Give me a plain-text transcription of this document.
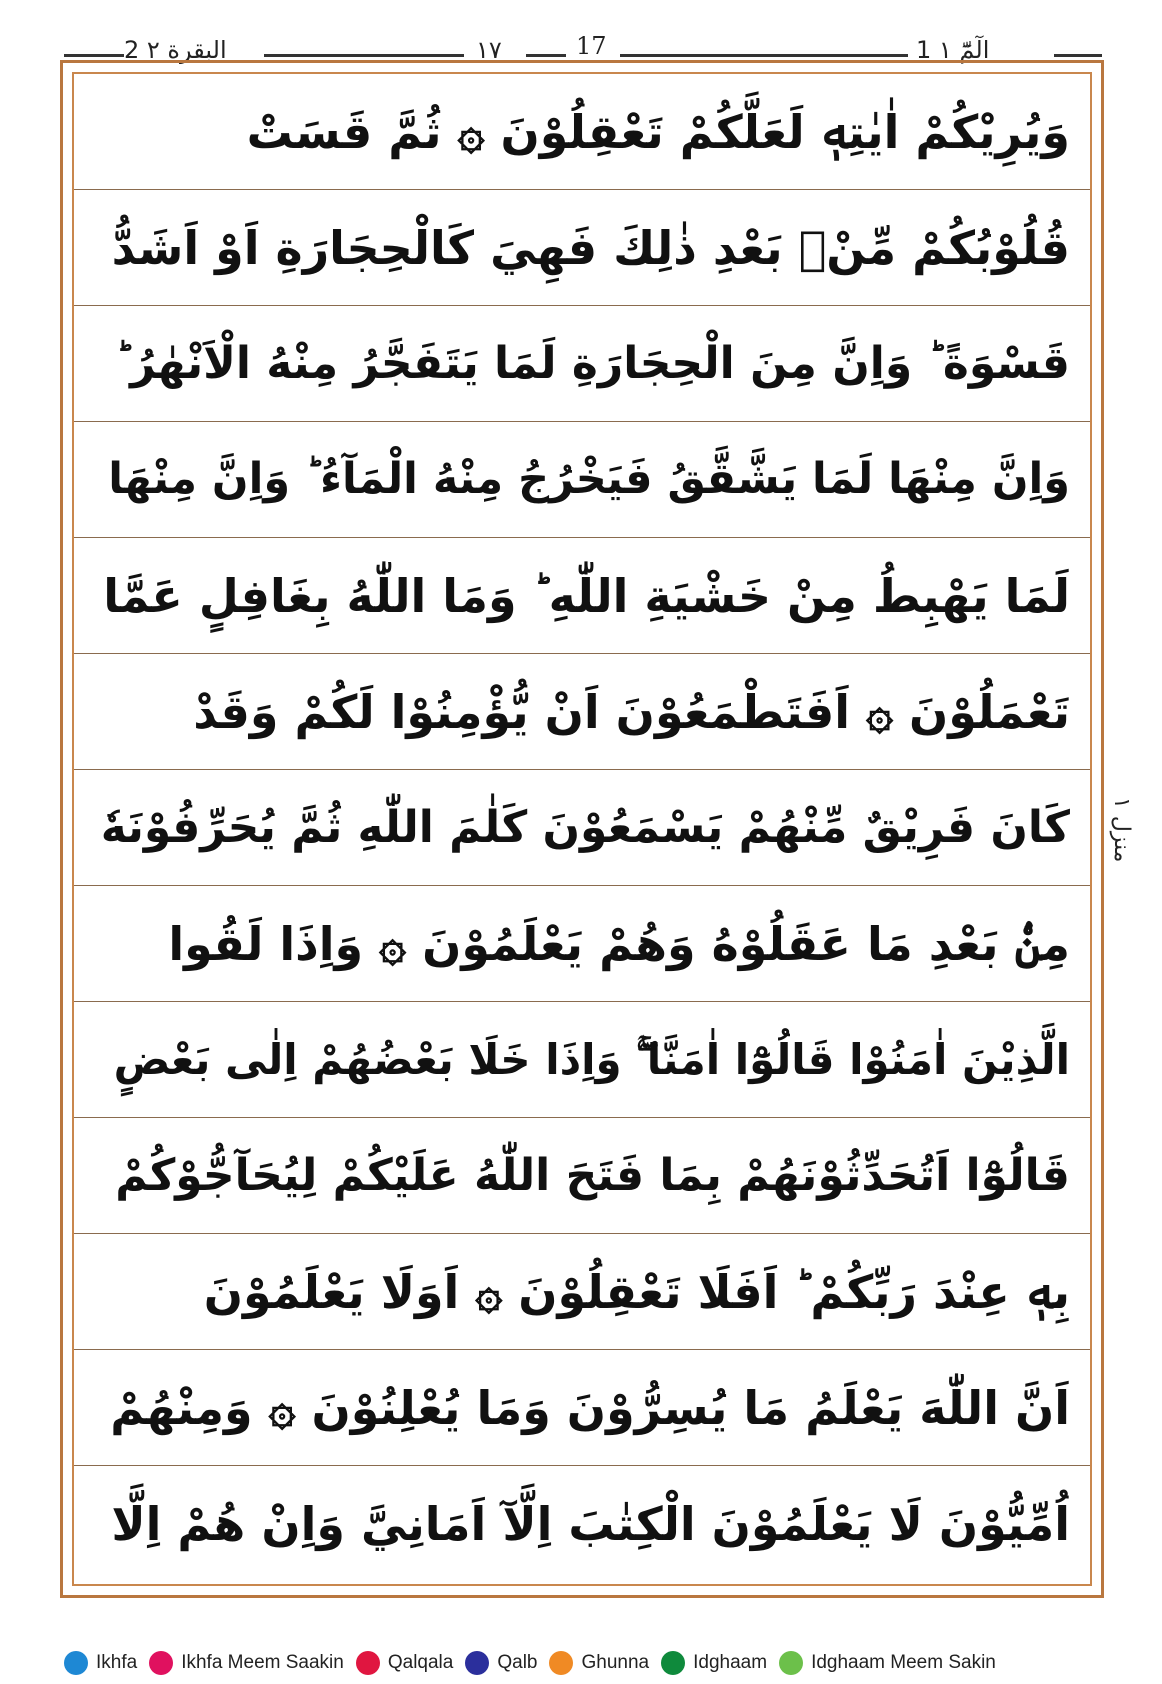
2 البقرة ۲	۱۷	17	1 الٓمّٓ ۱
وَيُرِيْكُمْ اٰيٰتِهٖ لَعَلَّكُمْ تَعْقِلُوْنَ ۞ ثُمَّ قَسَتْ
قُلُوْبُكُمْ مِّنْۢ بَعْدِ ذٰلِكَ فَهِيَ كَالْحِجَارَةِ اَوْ اَشَدُّ
قَسْوَةً ؕ وَاِنَّ مِنَ الْحِجَارَةِ لَمَا يَتَفَجَّرُ مِنْهُ الْاَنْهٰرُ ؕ
وَاِنَّ مِنْهَا لَمَا يَشَّقَّقُ فَيَخْرُجُ مِنْهُ الْمَآءُ ؕ وَاِنَّ مِنْهَا
لَمَا يَهْبِطُ مِنْ خَشْيَةِ اللّٰهِ ؕ وَمَا اللّٰهُ بِغَافِلٍ عَمَّا
تَعْمَلُوْنَ ۞ اَفَتَطْمَعُوْنَ اَنْ يُّؤْمِنُوْا لَكُمْ وَقَدْ
كَانَ فَرِيْقٌ مِّنْهُمْ يَسْمَعُوْنَ كَلٰمَ اللّٰهِ ثُمَّ يُحَرِّفُوْنَهٗ
مِنْۢ بَعْدِ مَا عَقَلُوْهُ وَهُمْ يَعْلَمُوْنَ ۞ وَاِذَا لَقُوا
الَّذِيْنَ اٰمَنُوْا قَالُوْٓا اٰمَنَّا ۚۖ وَاِذَا خَلَا بَعْضُهُمْ اِلٰى بَعْضٍ
قَالُوْٓا اَتُحَدِّثُوْنَهُمْ بِمَا فَتَحَ اللّٰهُ عَلَيْكُمْ لِيُحَآجُّوْكُمْ
بِهٖ عِنْدَ رَبِّكُمْ ؕ اَفَلَا تَعْقِلُوْنَ ۞ اَوَلَا يَعْلَمُوْنَ
اَنَّ اللّٰهَ يَعْلَمُ مَا يُسِرُّوْنَ وَمَا يُعْلِنُوْنَ ۞ وَمِنْهُمْ
اُمِّيُّوْنَ لَا يَعْلَمُوْنَ الْكِتٰبَ اِلَّآ اَمَانِيَّ وَاِنْ هُمْ اِلَّا
منزل ۱
Ikhfa Ikhfa Meem Saakin Qalqala Qalb Ghunna Idghaam Idghaam Meem Sakin
